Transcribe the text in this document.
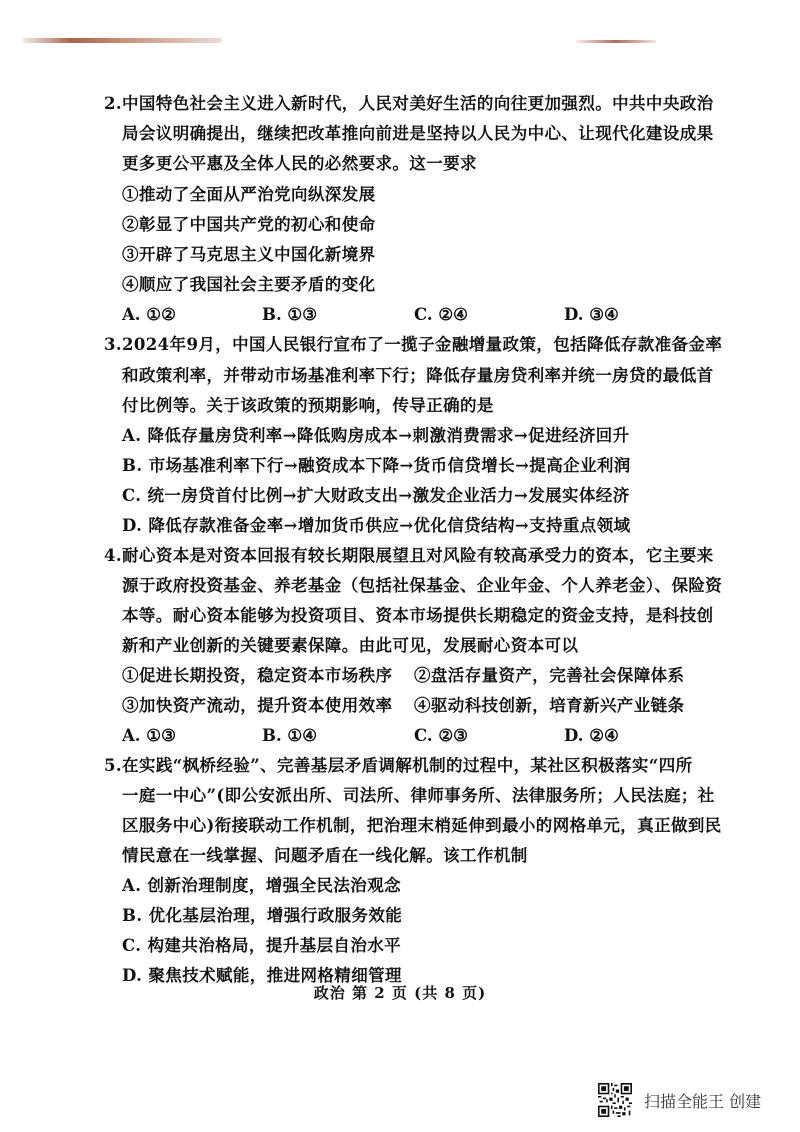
2.中国特色社会主义进入新时代，人民对美好生活的向往更加强烈。中共中央政治
局会议明确提出，继续把改革推向前进是坚持以人民为中心、让现代化建设成果
更多更公平惠及全体人民的必然要求。这一要求
①推动了全面从严治党向纵深发展
②彰显了中国共产党的初心和使命
③开辟了马克思主义中国化新境界
④顺应了我国社会主要矛盾的变化
A. ①②	B. ①③	C. ②④	D. ③④
3.2024年9月，中国人民银行宣布了一揽子金融增量政策，包括降低存款准备金率
和政策利率，并带动市场基准利率下行；降低存量房贷利率并统一房贷的最低首
付比例等。关于该政策的预期影响，传导正确的是
A. 降低存量房贷利率→降低购房成本→刺激消费需求→促进经济回升
B. 市场基准利率下行→融资成本下降→货币信贷增长→提高企业利润
C. 统一房贷首付比例→扩大财政支出→激发企业活力→发展实体经济
D. 降低存款准备金率→增加货币供应→优化信贷结构→支持重点领域
4.耐心资本是对资本回报有较长期限展望且对风险有较高承受力的资本，它主要来
源于政府投资基金、养老基金（包括社保基金、企业年金、个人养老金）、保险资
本等。耐心资本能够为投资项目、资本市场提供长期稳定的资金支持，是科技创
新和产业创新的关键要素保障。由此可见，发展耐心资本可以
①促进长期投资，稳定资本市场秩序 ②盘活存量资产，完善社会保障体系
③加快资产流动，提升资本使用效率 ④驱动科技创新，培育新兴产业链条
A. ①③	B. ①④	C. ②③	D. ②④
5.在实践“枫桥经验”、完善基层矛盾调解机制的过程中，某社区积极落实“四所
一庭一中心”(即公安派出所、司法所、律师事务所、法律服务所；人民法庭；社
区服务中心)衔接联动工作机制，把治理末梢延伸到最小的网格单元，真正做到民
情民意在一线掌握、问题矛盾在一线化解。该工作机制
A. 创新治理制度，增强全民法治观念
B. 优化基层治理，增强行政服务效能
C. 构建共治格局，提升基层自治水平
D. 聚焦技术赋能，推进网格精细管理
政治 第 2 页 (共 8 页)
扫描全能王 创建
